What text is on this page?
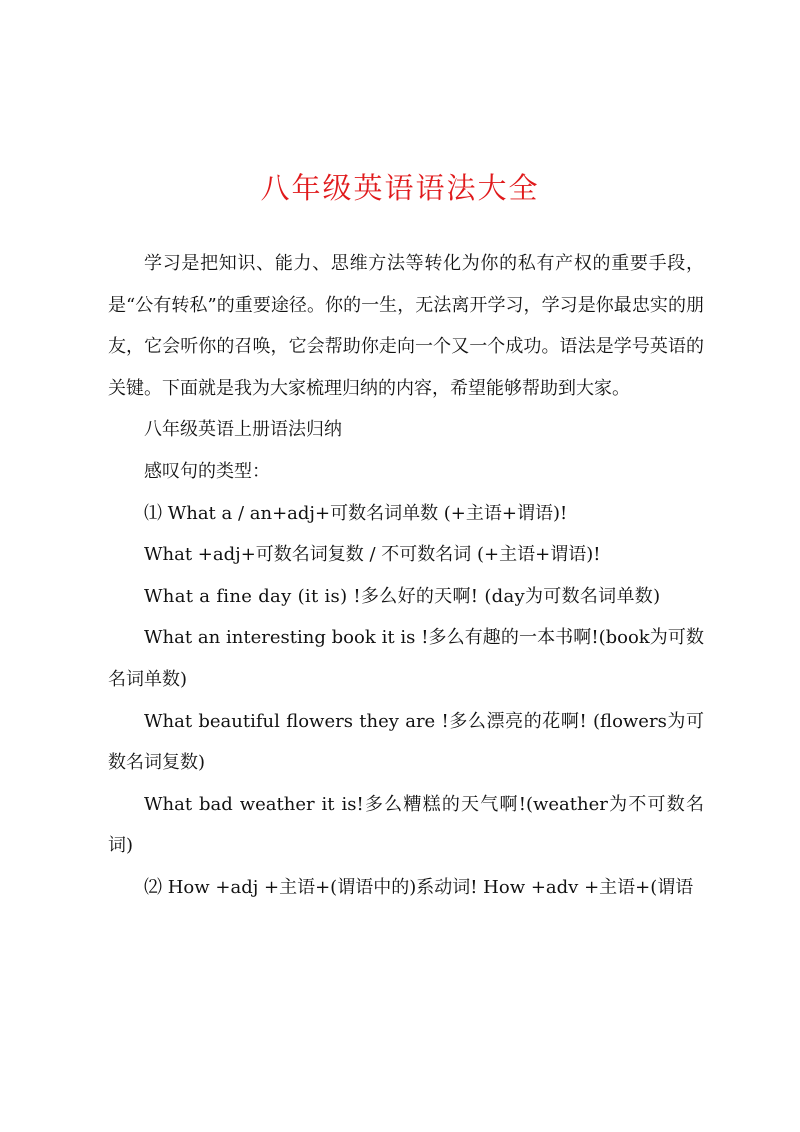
八年级英语语法大全

学习是把知识、能力、思维方法等转化为你的私有产权的重要手段，是“公有转私”的重要途径。你的一生，无法离开学习，学习是你最忠实的朋友，它会听你的召唤，它会帮助你走向一个又一个成功。语法是学号英语的关键。下面就是我为大家梳理归纳的内容，希望能够帮助到大家。

八年级英语上册语法归纳

感叹句的类型：

⑴ What a / an+adj+可数名词单数 (+主语+谓语)!

What +adj+可数名词复数 / 不可数名词 (+主语+谓语)!

What a fine day (it is) !多么好的天啊! (day为可数名词单数)

What an interesting book it is !多么有趣的一本书啊!(book为可数名词单数)

What beautiful flowers they are !多么漂亮的花啊! (flowers为可数名词复数)

What bad weather it is!多么糟糕的天气啊!(weather为不可数名词)

⑵ How +adj +主语+(谓语中的)系动词! How +adv +主语+(谓语
